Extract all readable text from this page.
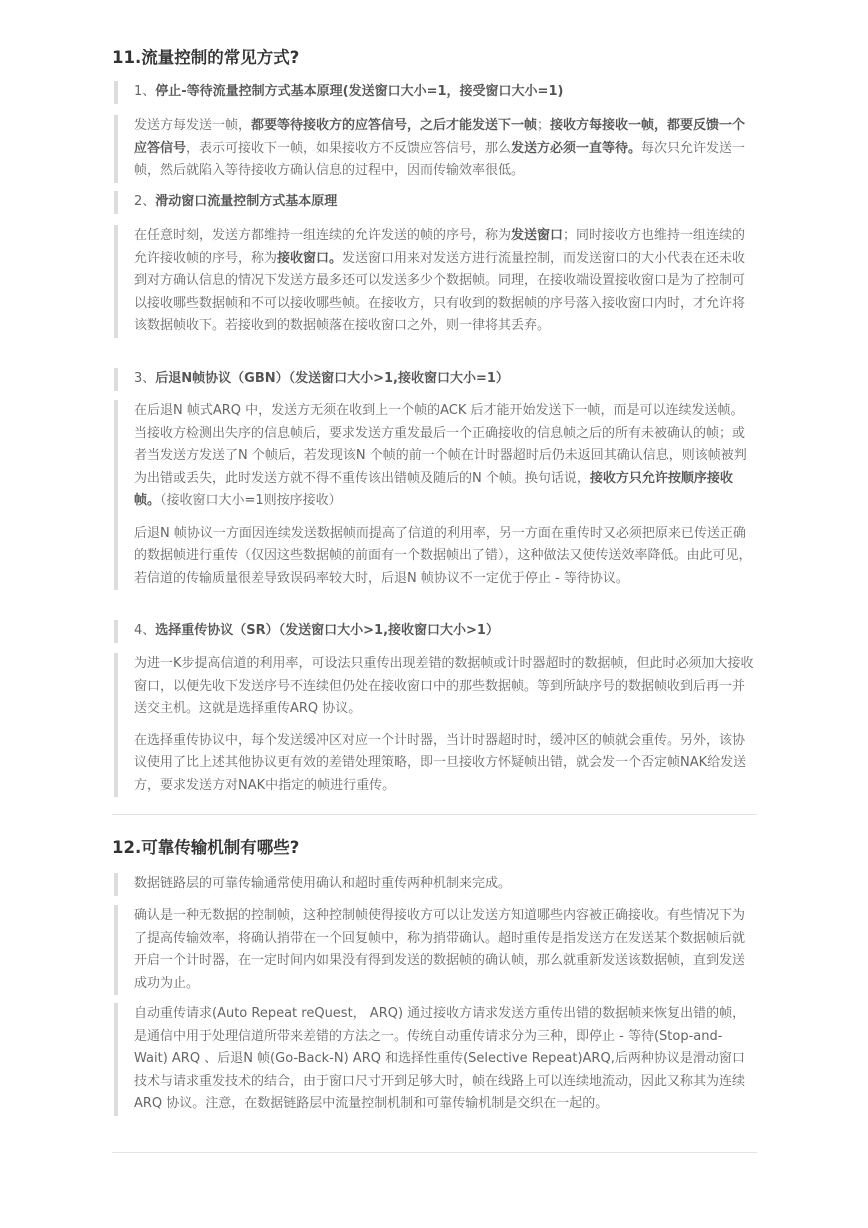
11.流量控制的常见方式?

1、停止-等待流量控制方式基本原理(发送窗口大小=1，接受窗口大小=1)

发送方每发送一帧，都要等待接收方的应答信号，之后才能发送下一帧；接收方每接收一帧，都要反馈一个应答信号，表示可接收下一帧，如果接收方不反馈应答信号，那么发送方必须一直等待。每次只允许发送一帧，然后就陷入等待接收方确认信息的过程中，因而传输效率很低。

2、滑动窗口流量控制方式基本原理

在任意时刻，发送方都维持一组连续的允许发送的帧的序号，称为发送窗口；同时接收方也维持一组连续的允许接收帧的序号，称为接收窗口。发送窗口用来对发送方进行流量控制，而发送窗口的大小代表在还未收到对方确认信息的情况下发送方最多还可以发送多少个数据帧。同理，在接收端设置接收窗口是为了控制可以接收哪些数据帧和不可以接收哪些帧。在接收方，只有收到的数据帧的序号落入接收窗口内时，才允许将该数据帧收下。若接收到的数据帧落在接收窗口之外，则一律将其丢弃。

3、后退N帧协议（GBN）（发送窗口大小>1,接收窗口大小=1）

在后退N 帧式ARQ 中，发送方无须在收到上一个帧的ACK 后才能开始发送下一帧，而是可以连续发送帧。当接收方检测出失序的信息帧后，要求发送方重发最后一个正确接收的信息帧之后的所有未被确认的帧；或者当发送方发送了N 个帧后，若发现该N 个帧的前一个帧在计时器超时后仍未返回其确认信息，则该帧被判为出错或丢失，此时发送方就不得不重传该出错帧及随后的N 个帧。换句话说，接收方只允许按顺序接收帧。（接收窗口大小=1则按序接收）

后退N 帧协议一方面因连续发送数据帧而提高了信道的利用率，另一方面在重传时又必须把原来已传送正确的数据帧进行重传（仅因这些数据帧的前面有一个数据帧出了错），这种做法又使传送效率降低。由此可见，若信道的传输质量很差导致误码率较大时，后退N 帧协议不一定优于停止 - 等待协议。

4、选择重传协议（SR）（发送窗口大小>1,接收窗口大小>1）

为进一K步提高信道的利用率，可设法只重传出现差错的数据帧或计时器超时的数据帧，但此时必须加大接收窗口，以便先收下发送序号不连续但仍处在接收窗口中的那些数据帧。等到所缺序号的数据帧收到后再一并送交主机。这就是选择重传ARQ 协议。

在选择重传协议中，每个发送缓冲区对应一个计时器，当计时器超时时，缓冲区的帧就会重传。另外，该协议使用了比上述其他协议更有效的差错处理策略，即一旦接收方怀疑帧出错，就会发一个否定帧NAK给发送方，要求发送方对NAK中指定的帧进行重传。

12.可靠传输机制有哪些?

数据链路层的可靠传输通常使用确认和超时重传两种机制来完成。

确认是一种无数据的控制帧，这种控制帧使得接收方可以让发送方知道哪些内容被正确接收。有些情况下为了提高传输效率，将确认捎带在一个回复帧中，称为捎带确认。超时重传是指发送方在发送某个数据帧后就开启一个计时器，在一定时间内如果没有得到发送的数据帧的确认帧，那么就重新发送该数据帧，直到发送成功为止。

自动重传请求(Auto Repeat reQuest， ARQ) 通过接收方请求发送方重传出错的数据帧来恢复出错的帧，是通信中用于处理信道所带来差错的方法之一。传统自动重传请求分为三种，即停止 - 等待(Stop-and-Wait) ARQ 、后退N 帧(Go-Back-N) ARQ 和选择性重传(Selective Repeat)ARQ,后两种协议是滑动窗口技术与请求重发技术的结合，由于窗口尺寸开到足够大时，帧在线路上可以连续地流动，因此又称其为连续ARQ 协议。注意，在数据链路层中流量控制机制和可靠传输机制是交织在一起的。
